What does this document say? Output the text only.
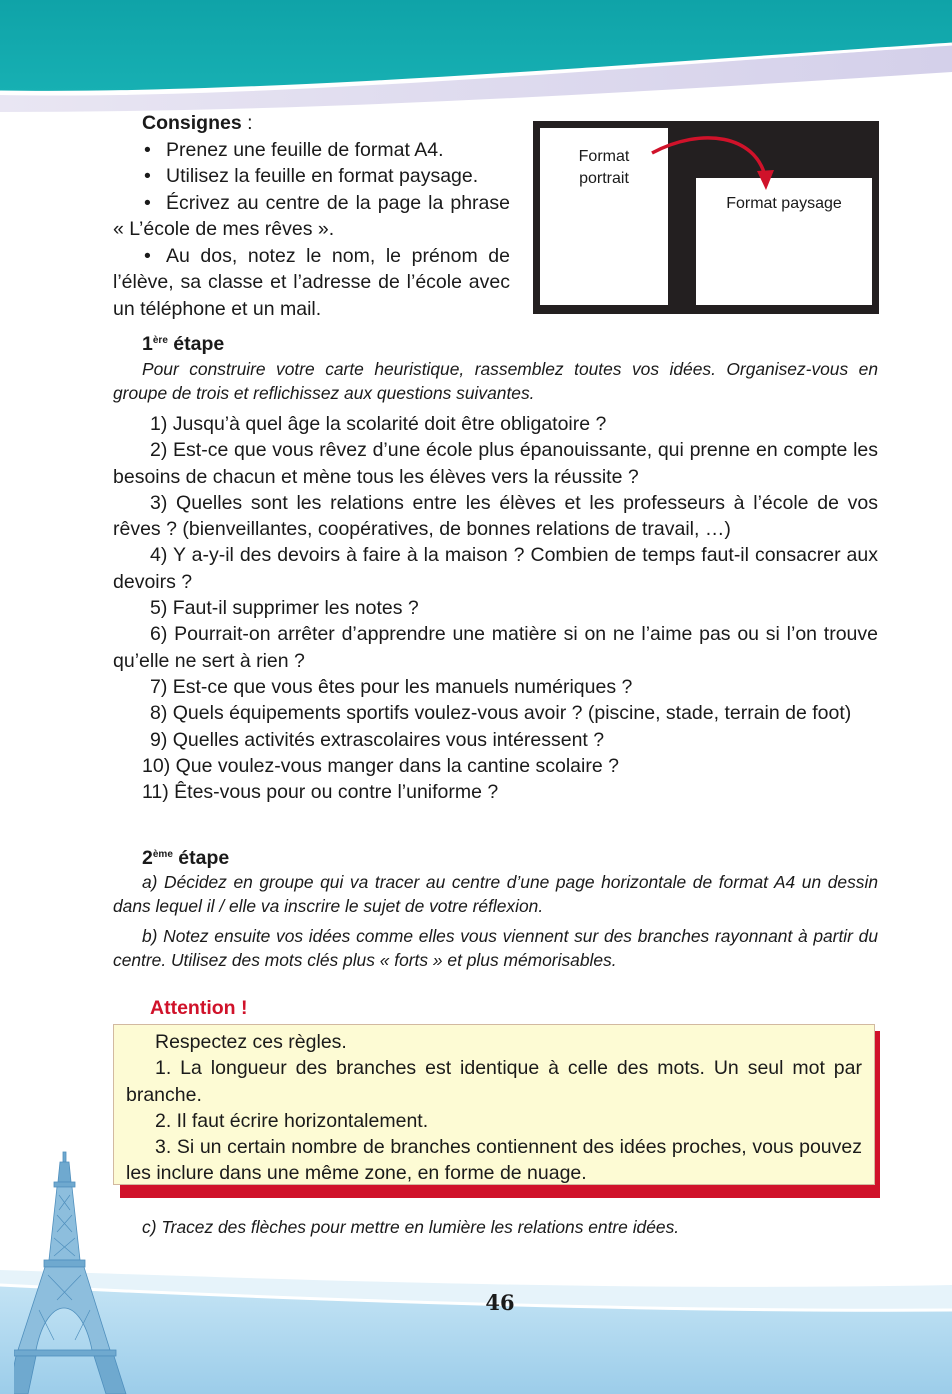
Consignes :
• Prenez une feuille de format A4.
• Utilisez la feuille en format paysage.
• Écrivez au centre de la page la phrase « L’école de mes rêves ».
• Au dos, notez le nom, le prénom de l’élève, sa classe et l’adresse de l’école avec un téléphone et un mail.
Format
portrait
Format paysage
1ère étape

Pour construire votre carte heuristique, rassemblez toutes vos idées. Organisez-vous en groupe de trois et reflichissez aux questions suivantes.

1) Jusqu’à quel âge la scolarité doit être obligatoire ?
2) Est-ce que vous rêvez d’une école plus épanouissante, qui prenne en compte les besoins de chacun et mène tous les élèves vers la réussite ?
3) Quelles sont les relations entre les élèves et les professeurs à l’école de vos rêves ? (bienveillantes, coopératives, de bonnes relations de travail, …)
4) Y a-y-il des devoirs à faire à la maison ? Combien de temps faut-il consacrer aux devoirs ?
5) Faut-il supprimer les notes ?
6) Pourrait-on arrêter d’apprendre une matière si on ne l’aime pas ou si l’on trouve qu’elle ne sert à rien ?
7) Est-ce que vous êtes pour les manuels numériques ?
8) Quels équipements sportifs voulez-vous avoir ? (piscine, stade, terrain de foot)
9) Quelles activités extrascolaires vous intéressent ?
10) Que voulez-vous manger dans la cantine scolaire ?
11) Êtes-vous pour ou contre l’uniforme ?
2ème étape

a) Décidez en groupe qui va tracer au centre d’une page horizontale de format A4 un dessin dans lequel il / elle va inscrire le sujet de votre réflexion.

b) Notez ensuite vos idées comme elles vous viennent sur des branches rayonnant à partir du centre. Utilisez des mots clés plus « forts » et plus mémorisables.

Attention !

Respectez ces règles.

1. La longueur des branches est identique à celle des mots. Un seul mot par branche.

2. Il faut écrire horizontalement.

3. Si un certain nombre de branches contiennent des idées proches, vous pouvez les inclure dans une même zone, en forme de nuage.

c) Tracez des flèches pour mettre en lumière les relations entre idées.

46
